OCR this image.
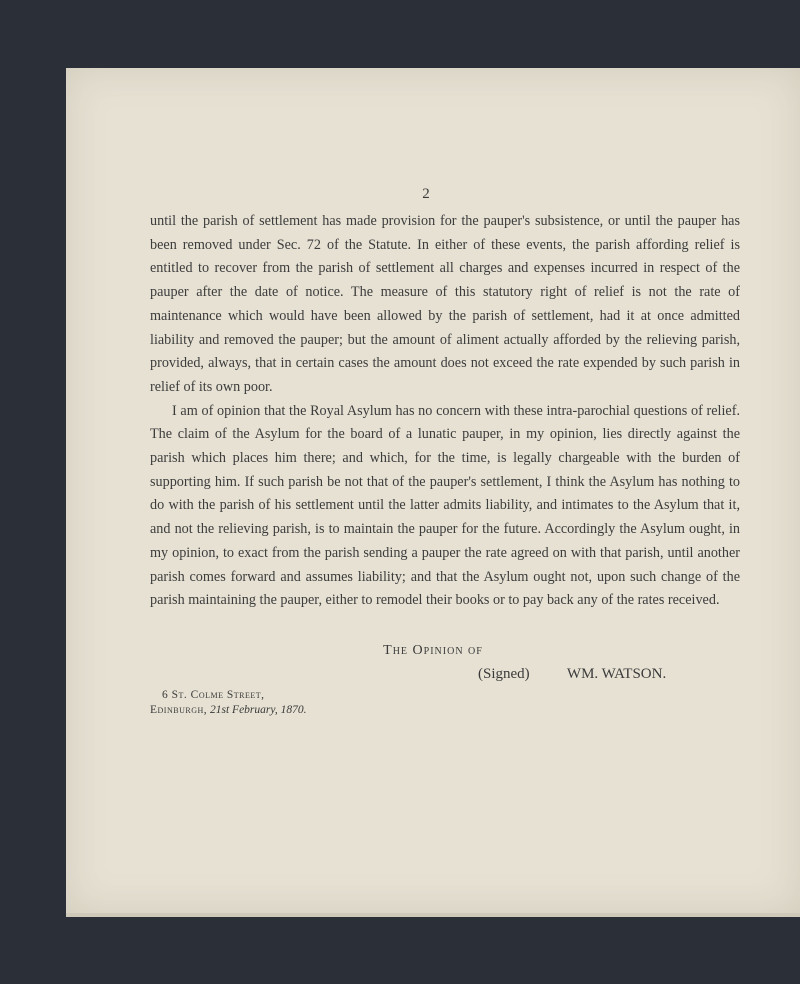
2

until the parish of settlement has made provision for the pauper's subsistence, or until the pauper has been removed under Sec. 72 of the Statute. In either of these events, the parish affording relief is entitled to recover from the parish of settlement all charges and expenses incurred in respect of the pauper after the date of notice. The measure of this statutory right of relief is not the rate of maintenance which would have been allowed by the parish of settlement, had it at once admitted liability and removed the pauper; but the amount of aliment actually afforded by the relieving parish, provided, always, that in certain cases the amount does not exceed the rate expended by such parish in relief of its own poor.

I am of opinion that the Royal Asylum has no concern with these intra-parochial questions of relief. The claim of the Asylum for the board of a lunatic pauper, in my opinion, lies directly against the parish which places him there; and which, for the time, is legally chargeable with the burden of supporting him. If such parish be not that of the pauper's settlement, I think the Asylum has nothing to do with the parish of his settlement until the latter admits liability, and intimates to the Asylum that it, and not the relieving parish, is to maintain the pauper for the future. Accordingly the Asylum ought, in my opinion, to exact from the parish sending a pauper the rate agreed on with that parish, until another parish comes forward and assumes liability; and that the Asylum ought not, upon such change of the parish maintaining the pauper, either to remodel their books or to pay back any of the rates received.

The Opinion of
(Signed) WM. WATSON.
6 St. Colme Street,
Edinburgh, 21st February, 1870.
